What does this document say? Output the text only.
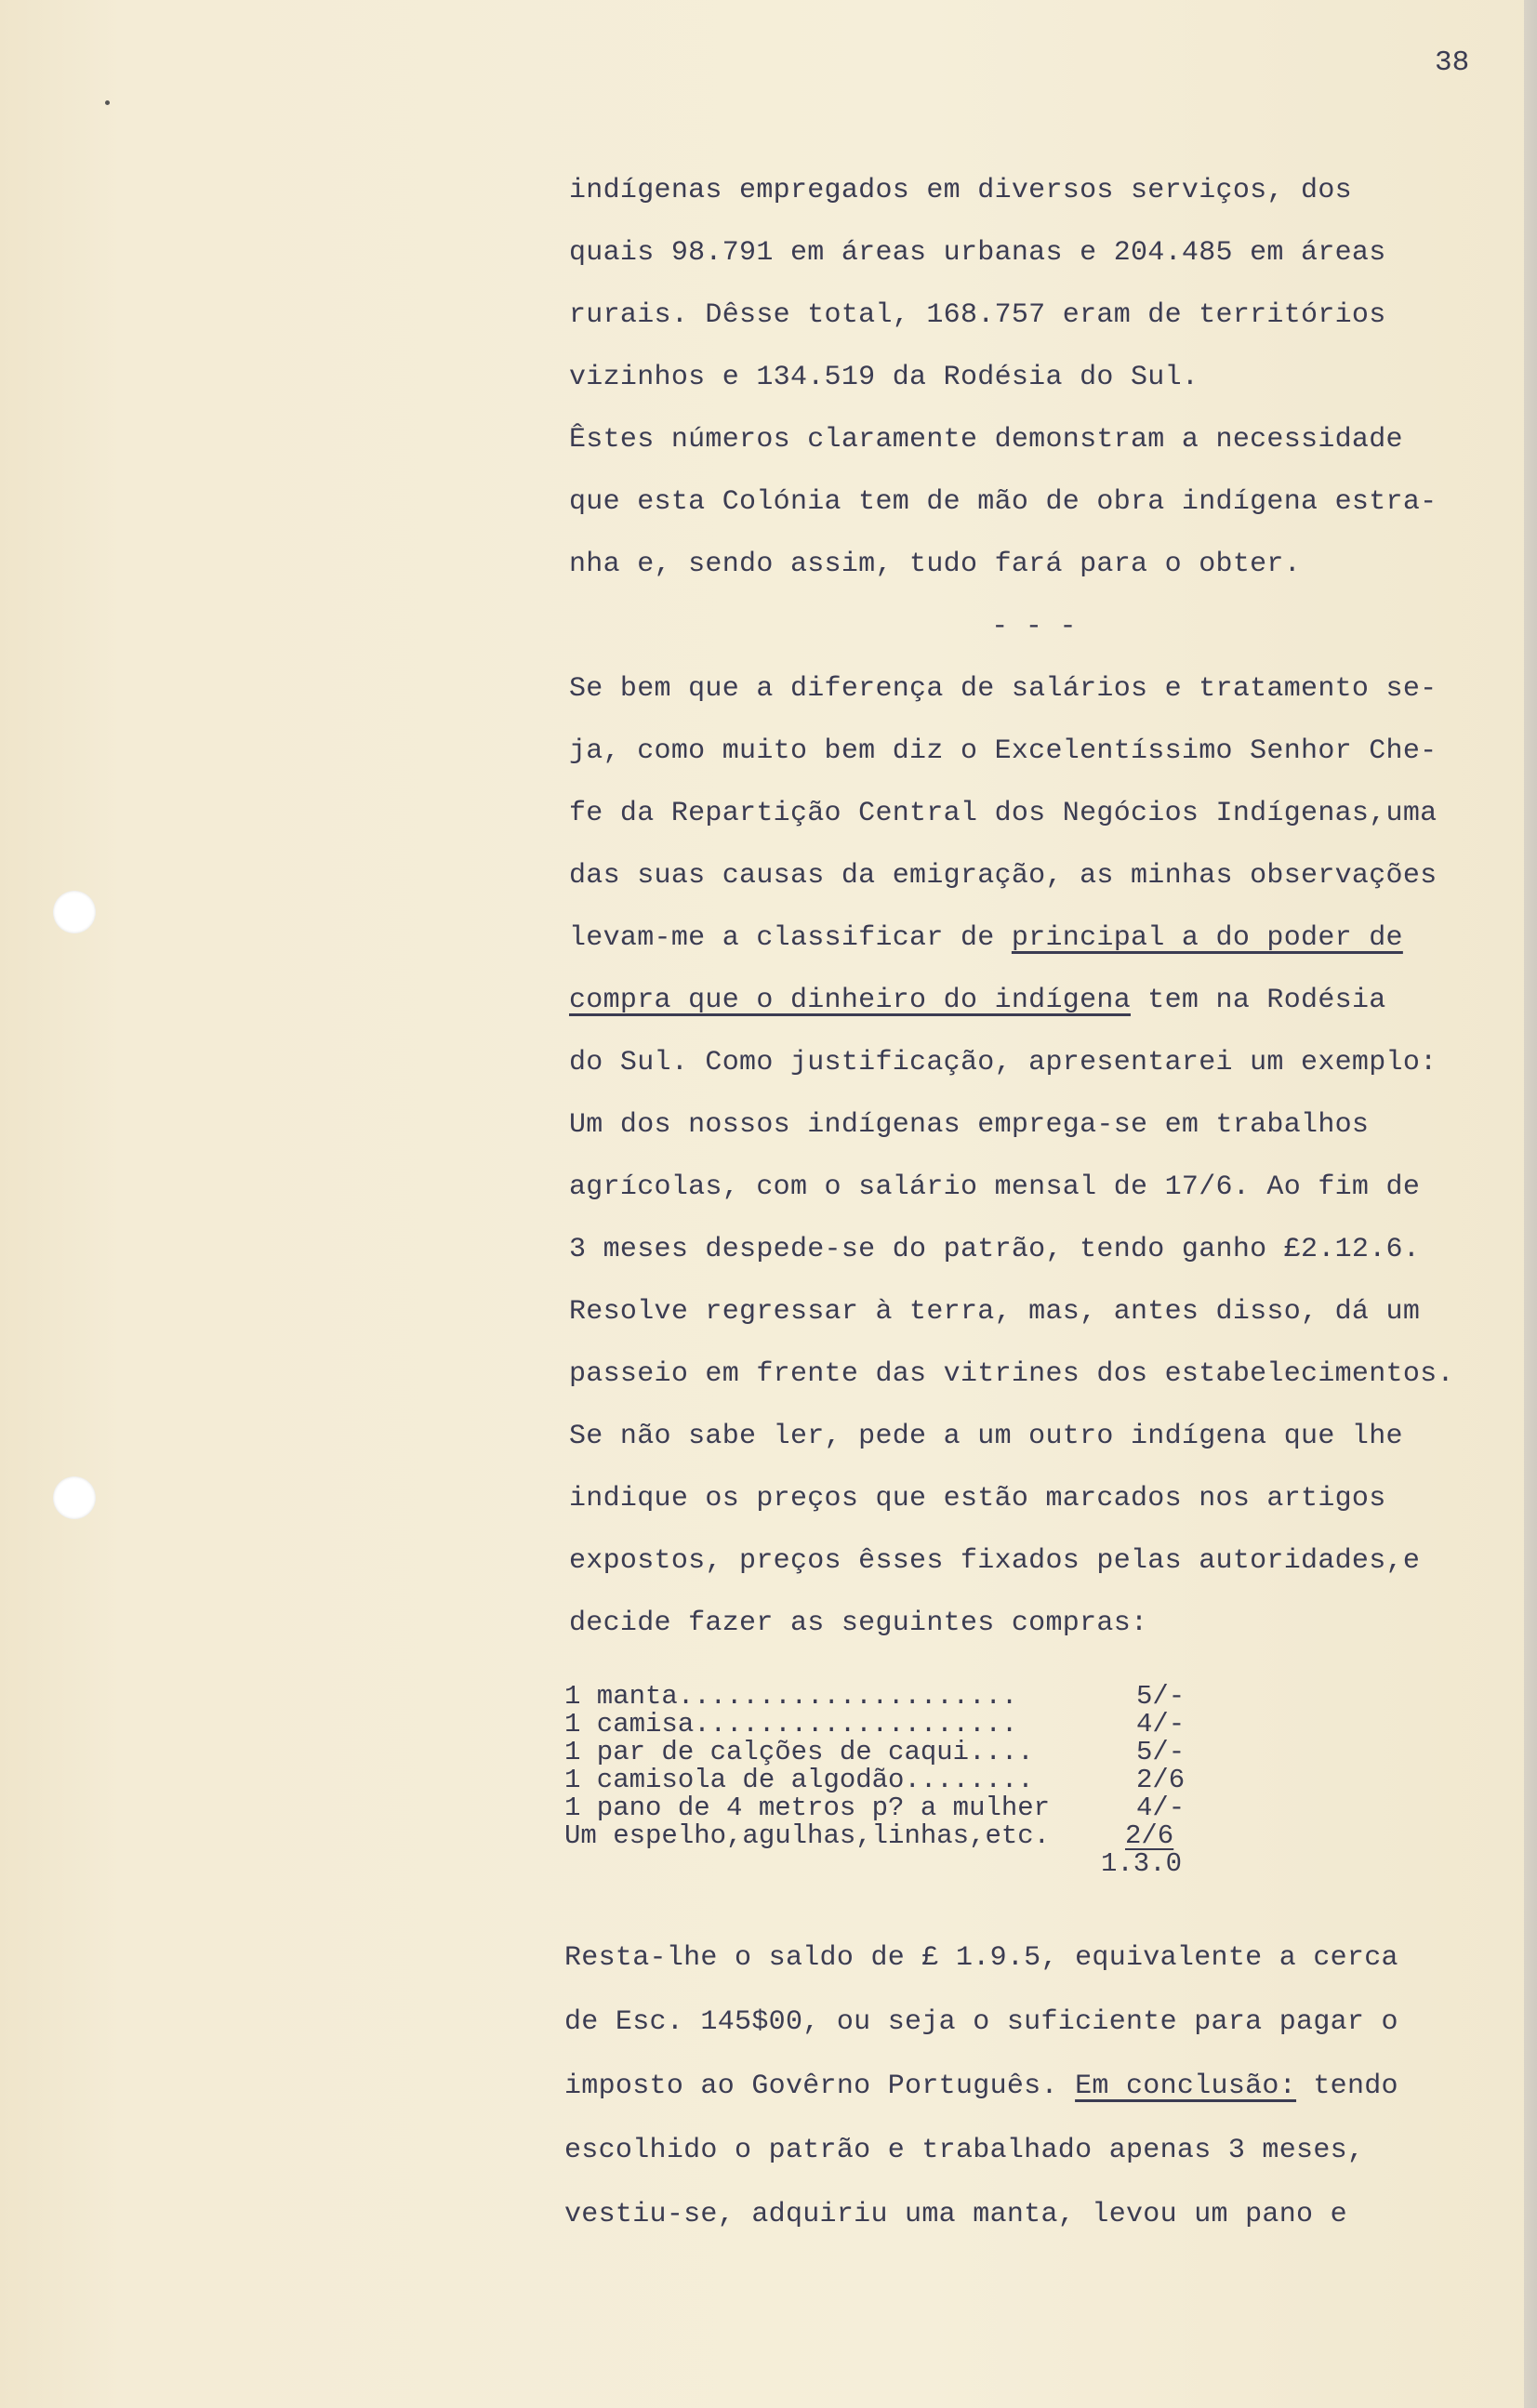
38
indígenas empregados em diversos serviços, dos
quais 98.791 em áreas urbanas e 204.485 em áreas
rurais. Dêsse total, 168.757 eram de territórios
vizinhos e 134.519 da Rodésia do Sul.
Êstes números claramente demonstram a necessidade
que esta Colónia tem de mão de obra indígena estra-
nha e, sendo assim, tudo fará para o obter.
- - -
Se bem que a diferença de salários e tratamento se-
ja, como muito bem diz o Excelentíssimo Senhor Che-
fe da Repartição Central dos Negócios Indígenas,uma
das suas causas da emigração, as minhas observações
levam-me a classificar de principal a do poder de
compra que o dinheiro do indígena tem na Rodésia
do Sul. Como justificação, apresentarei um exemplo:
Um dos nossos indígenas emprega-se em trabalhos
agrícolas, com o salário mensal de 17/6. Ao fim de
3 meses despede-se do patrão, tendo ganho £2.12.6.
Resolve regressar à terra, mas, antes disso, dá um
passeio em frente das vitrines dos estabelecimentos.
Se não sabe ler, pede a um outro indígena que lhe
indique os preços que estão marcados nos artigos
expostos, preços êsses fixados pelas autoridades,e
decide fazer as seguintes compras:
1 manta.....................	5/-
1 camisa....................	4/-
1 par de calções de caqui....	5/-
1 camisola de algodão........	2/6
1 pano de 4 metros p? a mulher	4/-
Um espelho,agulhas,linhas,etc.	2/6
1.3.0
Resta-lhe o saldo de £ 1.9.5, equivalente a cerca
de Esc. 145$00, ou seja o suficiente para pagar o
imposto ao Govêrno Português. Em conclusão: tendo
escolhido o patrão e trabalhado apenas 3 meses,
vestiu-se, adquiriu uma manta, levou um pano e
